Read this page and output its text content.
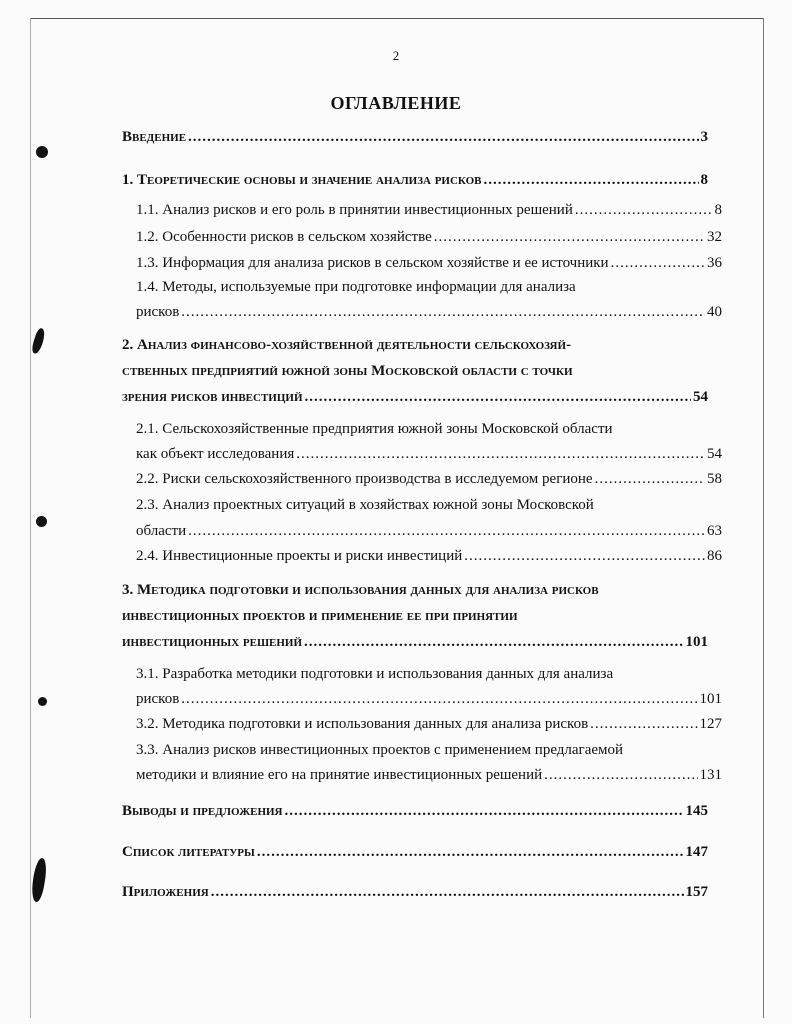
2
ОГЛАВЛЕНИЕ
Введение .....	3
1. Теоретические основы и значение анализа рисков .....	8
1.1. Анализ рисков и его роль в принятии инвестиционных решений .....	8
1.2. Особенности рисков в сельском хозяйстве .....	32
1.3. Информация для анализа рисков в сельском хозяйстве и ее источники .....	36
1.4. Методы, используемые при подготовке информации для анализа
рисков .....	40
2. Анализ финансово-хозяйственной деятельности сельскохозяй-
ственных предприятий южной зоны Московской области с точки
зрения рисков инвестиций .....	54
2.1. Сельскохозяйственные предприятия южной зоны Московской области
как объект исследования .....	54
2.2. Риски сельскохозяйственного производства в исследуемом регионе .....	58
2.3. Анализ проектных ситуаций в хозяйствах южной зоны Московской
области .....	63
2.4. Инвестиционные проекты и риски инвестиций .....	86
3. Методика подготовки и использования данных для анализа рисков
инвестиционных проектов и применение ее при принятии
инвестиционных решений .....	101
3.1. Разработка методики подготовки и использования данных для анализа
рисков .....	101
3.2. Методика подготовки и использования данных для анализа рисков .....	127
3.3. Анализ рисков инвестиционных проектов с применением предлагаемой
методики и влияние его на принятие инвестиционных решений .....	131
Выводы и предложения .....	145
Список литературы .....	147
Приложения .....	157
